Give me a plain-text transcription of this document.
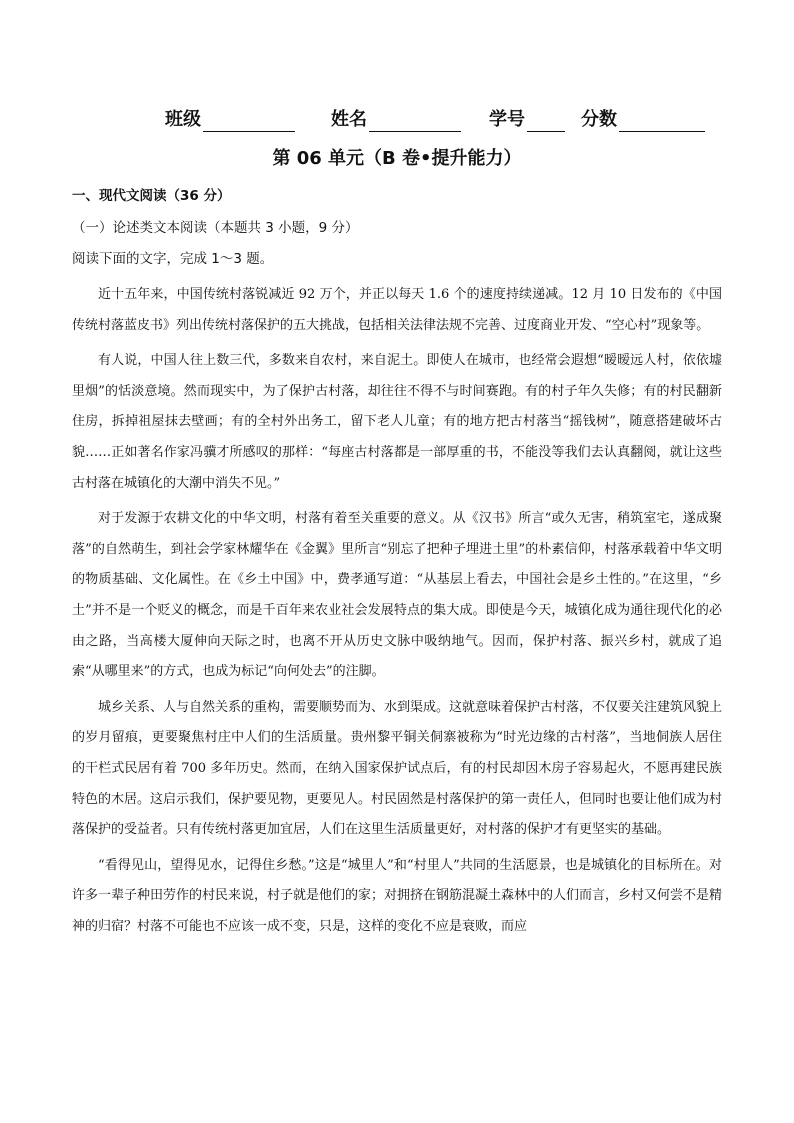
班级	姓名	学号	分数
第 06 单元（B 卷•提升能力）
一、现代文阅读（36 分）
（一）论述类文本阅读（本题共 3 小题，9 分）
阅读下面的文字，完成 1～3 题。

近十五年来，中国传统村落锐减近 92 万个，并正以每天 1.6 个的速度持续递减。12 月 10 日发布的《中国传统村落蓝皮书》列出传统村落保护的五大挑战，包括相关法律法规不完善、过度商业开发、“空心村”现象等。

有人说，中国人往上数三代，多数来自农村，来自泥土。即使人在城市，也经常会遐想“暧暧远人村，依依墟里烟”的恬淡意境。然而现实中，为了保护古村落，却往往不得不与时间赛跑。有的村子年久失修；有的村民翻新住房，拆掉祖屋抹去壁画；有的全村外出务工，留下老人儿童；有的地方把古村落当“摇钱树”，随意搭建破坏古貌……正如著名作家冯骥才所感叹的那样：“每座古村落都是一部厚重的书，不能没等我们去认真翻阅，就让这些古村落在城镇化的大潮中消失不见。”

对于发源于农耕文化的中华文明，村落有着至关重要的意义。从《汉书》所言“或久无害，稍筑室宅，遂成聚落”的自然萌生，到社会学家林耀华在《金翼》里所言“别忘了把种子埋进土里”的朴素信仰，村落承载着中华文明的物质基础、文化属性。在《乡土中国》中，费孝通写道：“从基层上看去，中国社会是乡土性的。”在这里，“乡土”并不是一个贬义的概念，而是千百年来农业社会发展特点的集大成。即使是今天，城镇化成为通往现代化的必由之路，当高楼大厦伸向天际之时，也离不开从历史文脉中吸纳地气。因而，保护村落、振兴乡村，就成了追索“从哪里来”的方式，也成为标记“向何处去”的注脚。

城乡关系、人与自然关系的重构，需要顺势而为、水到渠成。这就意味着保护古村落，不仅要关注建筑风貌上的岁月留痕，更要聚焦村庄中人们的生活质量。贵州黎平铜关侗寨被称为“时光边缘的古村落”，当地侗族人居住的干栏式民居有着 700 多年历史。然而，在纳入国家保护试点后，有的村民却因木房子容易起火，不愿再建民族特色的木居。这启示我们，保护要见物，更要见人。村民固然是村落保护的第一责任人，但同时也要让他们成为村落保护的受益者。只有传统村落更加宜居，人们在这里生活质量更好，对村落的保护才有更坚实的基础。

“看得见山，望得见水，记得住乡愁。”这是“城里人”和“村里人”共同的生活愿景，也是城镇化的目标所在。对许多一辈子种田劳作的村民来说，村子就是他们的家；对拥挤在钢筋混凝土森林中的人们而言，乡村又何尝不是精神的归宿？村落不可能也不应该一成不变，只是，这样的变化不应是衰败，而应
